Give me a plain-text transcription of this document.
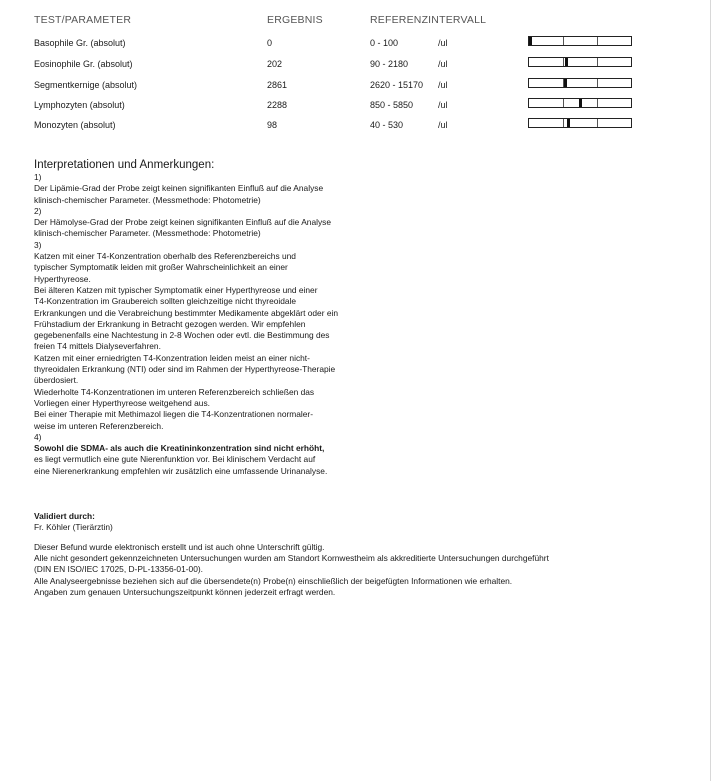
TEST/PARAMETER	ERGEBNIS	REFERENZINTERVALL
Basophile Gr. (absolut)	0	0 - 100	/ul
Eosinophile Gr. (absolut)	202	90 - 2180	/ul
Segmentkernige (absolut)	2861	2620 - 15170 /ul
Lymphozyten (absolut)	2288	850 - 5850	/ul
Monozyten (absolut)	98	40 - 530	/ul

Interpretationen und Anmerkungen:

1)

Der Lipämie-Grad der Probe zeigt keinen signifikanten Einfluß auf die Analyse

klinisch-chemischer Parameter. (Messmethode: Photometrie)

2)

Der Hämolyse-Grad der Probe zeigt keinen signifikanten Einfluß auf die Analyse

klinisch-chemischer Parameter. (Messmethode: Photometrie)

3)

Katzen mit einer T4-Konzentration oberhalb des Referenzbereichs und

typischer Symptomatik leiden mit großer Wahrscheinlichkeit an einer

Hyperthyreose.

Bei älteren Katzen mit typischer Symptomatik einer Hyperthyreose und einer

T4-Konzentration im Graubereich sollten gleichzeitige nicht thyreoidale

Erkrankungen und die Verabreichung bestimmter Medikamente abgeklärt oder ein

Frühstadium der Erkrankung in Betracht gezogen werden. Wir empfehlen

gegebenenfalls eine Nachtestung in 2-8 Wochen oder evtl. die Bestimmung des

freien T4 mittels Dialyseverfahren.

Katzen mit einer erniedrigten T4-Konzentration leiden meist an einer nicht-

thyreoidalen Erkrankung (NTI) oder sind im Rahmen der Hyperthyreose-Therapie

überdosiert.

Wiederholte T4-Konzentrationen im unteren Referenzbereich schließen das

Vorliegen einer Hyperthyreose weitgehend aus.

Bei einer Therapie mit Methimazol liegen die T4-Konzentrationen normaler-

weise im unteren Referenzbereich.

4)

Sowohl die SDMA- als auch die Kreatininkonzentration sind nicht erhöht,

es liegt vermutlich eine gute Nierenfunktion vor. Bei klinischem Verdacht auf

eine Nierenerkrankung empfehlen wir zusätzlich eine umfassende Urinanalyse.

Validiert durch:

Fr. Köhler (Tierärztin)

Dieser Befund wurde elektronisch erstellt und ist auch ohne Unterschrift gültig.

Alle nicht gesondert gekennzeichneten Untersuchungen wurden am Standort Kornwestheim als akkreditierte Untersuchungen durchgeführt

(DIN EN ISO/IEC 17025, D-PL-13356-01-00).

Alle Analyseergebnisse beziehen sich auf die übersendete(n) Probe(n) einschließlich der beigefügten Informationen wie erhalten.

Angaben zum genauen Untersuchungszeitpunkt können jederzeit erfragt werden.
